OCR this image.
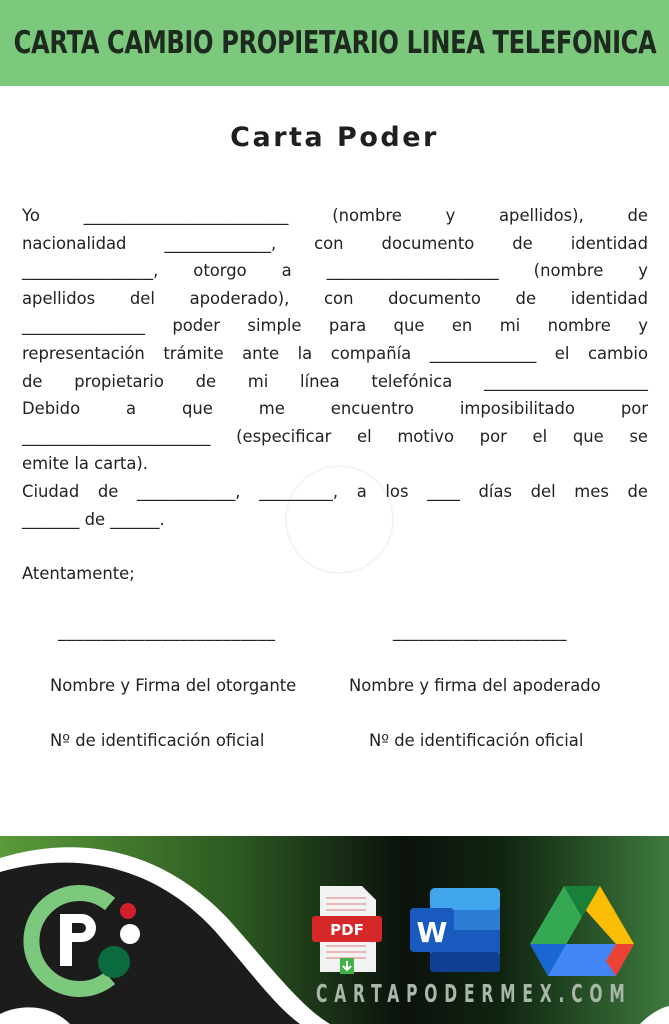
CARTA CAMBIO PROPIETARIO LINEA TELEFONICA
Carta Poder
Yo _________________________ (nombre y apellidos), de
nacionalidad _____________, con documento de identidad
________________, otorgo a _____________________ (nombre y
apellidos del apoderado), con documento de identidad
_______________ poder simple para que en mi nombre y
representación trámite ante la compañía _____________ el cambio
de propietario de mi línea telefónica ____________________
Debido a que me encuentro imposibilitado por
_______________________ (especificar el motivo por el que se
emite la carta).
Ciudad de ____________, _________, a los ____ días del mes de
_______ de ______.
Atentamente;
_________________________	____________________
Nombre y Firma del otorgante	Nombre y firma del apoderado
Nº de identificación oficial	Nº de identificación oficial
PDF W
CARTAPODERMEX.COM
